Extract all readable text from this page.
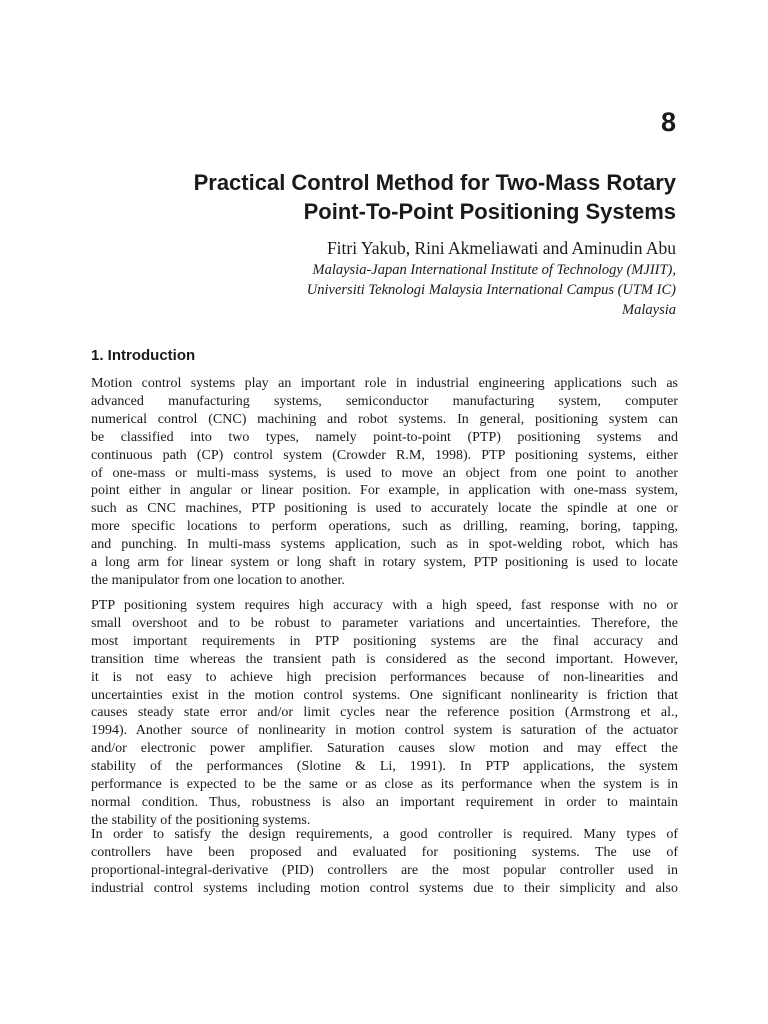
8
Practical Control Method for Two-Mass Rotary
Point-To-Point Positioning Systems
Fitri Yakub, Rini Akmeliawati and Aminudin Abu
Malaysia-Japan International Institute of Technology (MJIIT),
Universiti Teknologi Malaysia International Campus (UTM IC)
Malaysia
1. Introduction

Motion control systems play an important role in industrial engineering applications such as
advanced manufacturing systems, semiconductor manufacturing system, computer
numerical control (CNC) machining and robot systems. In general, positioning system can
be classified into two types, namely point-to-point (PTP) positioning systems and
continuous path (CP) control system (Crowder R.M, 1998). PTP positioning systems, either
of one-mass or multi-mass systems, is used to move an object from one point to another
point either in angular or linear position. For example, in application with one-mass system,
such as CNC machines, PTP positioning is used to accurately locate the spindle at one or
more specific locations to perform operations, such as drilling, reaming, boring, tapping,
and punching. In multi-mass systems application, such as in spot-welding robot, which has
a long arm for linear system or long shaft in rotary system, PTP positioning is used to locate
the manipulator from one location to another.

PTP positioning system requires high accuracy with a high speed, fast response with no or
small overshoot and to be robust to parameter variations and uncertainties. Therefore, the
most important requirements in PTP positioning systems are the final accuracy and
transition time whereas the transient path is considered as the second important. However,
it is not easy to achieve high precision performances because of non-linearities and
uncertainties exist in the motion control systems. One significant nonlinearity is friction that
causes steady state error and/or limit cycles near the reference position (Armstrong et al.,
1994). Another source of nonlinearity in motion control system is saturation of the actuator
and/or electronic power amplifier. Saturation causes slow motion and may effect the
stability of the performances (Slotine & Li, 1991). In PTP applications, the system
performance is expected to be the same or as close as its performance when the system is in
normal condition. Thus, robustness is also an important requirement in order to maintain
the stability of the positioning systems.

In order to satisfy the design requirements, a good controller is required. Many types of
controllers have been proposed and evaluated for positioning systems. The use of
proportional-integral-derivative (PID) controllers are the most popular controller used in
industrial control systems including motion control systems due to their simplicity and also
